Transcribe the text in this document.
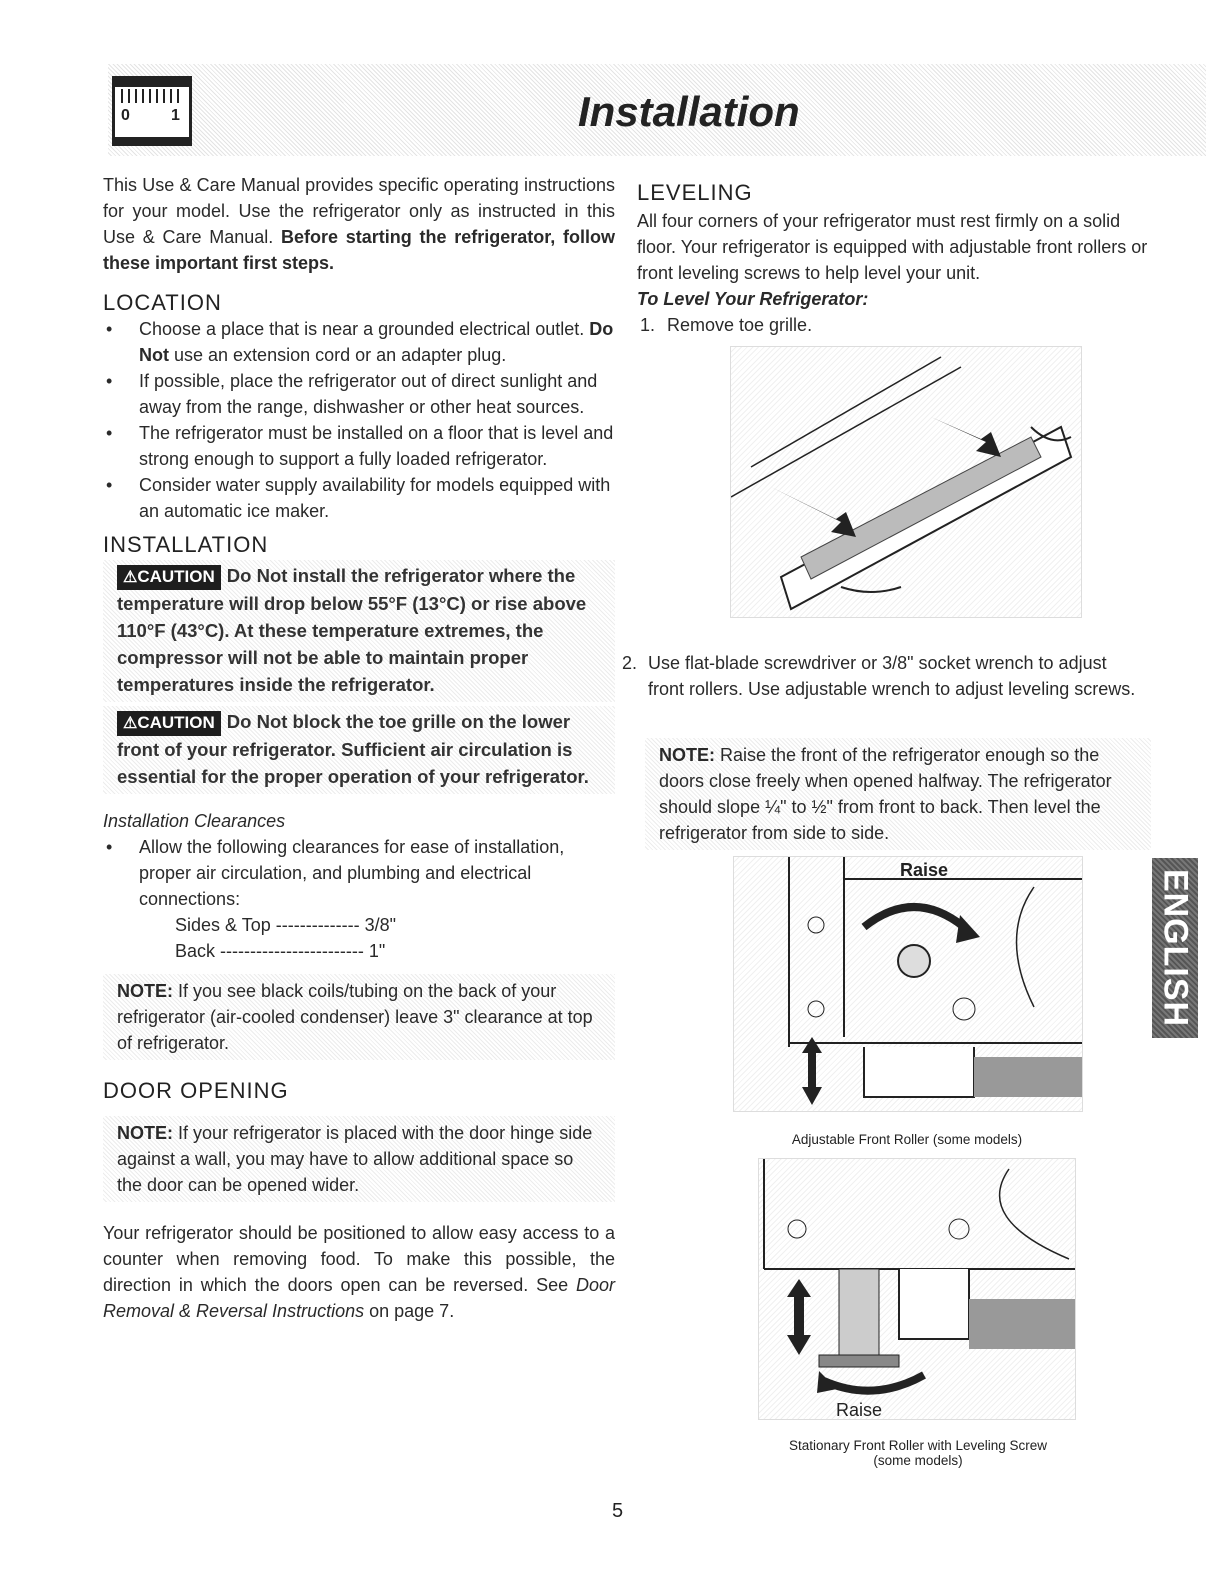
0	1	Installation

This Use & Care Manual provides specific operating instructions for your model. Use the refrigerator only as instructed in this Use & Care Manual. Before starting the refrigerator, follow these important first steps.

LOCATION
• Choose a place that is near a grounded electrical outlet. Do Not use an extension cord or an adapter plug.
• If possible, place the refrigerator out of direct sunlight and away from the range, dishwasher or other heat sources.
• The refrigerator must be installed on a floor that is level and strong enough to support a fully loaded refrigerator.
• Consider water supply availability for models equipped with an automatic ice maker.
INSTALLATION
⚠CAUTION Do Not install the refrigerator where the temperature will drop below 55°F (13°C) or rise above 110°F (43°C). At these temperature extremes, the compressor will not be able to maintain proper temperatures inside the refrigerator.
⚠CAUTION Do Not block the toe grille on the lower front of your refrigerator. Sufficient air circulation is essential for the proper operation of your refrigerator.

Installation Clearances

• Allow the following clearances for ease of installation, proper air circulation, and plumbing and electrical connections:
Sides & Top -------------- 3/8"
Back ------------------------ 1"
NOTE: If you see black coils/tubing on the back of your refrigerator (air-cooled condenser) leave 3" clearance at top of refrigerator.
DOOR OPENING
NOTE: If your refrigerator is placed with the door hinge side against a wall, you may have to allow additional space so the door can be opened wider.

Your refrigerator should be positioned to allow easy access to a counter when removing food. To make this possible, the direction in which the doors open can be reversed. See Door Removal & Reversal Instructions on page 7.

LEVELING

All four corners of your refrigerator must rest firmly on a solid floor. Your refrigerator is equipped with adjustable front rollers or front leveling screws to help level your unit.

To Level Your Refrigerator:

1. Remove toe grille.
2. Use flat-blade screwdriver or 3/8" socket wrench to adjust front rollers. Use adjustable wrench to adjust leveling screws.
NOTE: Raise the front of the refrigerator enough so the doors close freely when opened halfway. The refrigerator should slope ¼" to ½" from front to back. Then level the refrigerator from side to side.
Raise
Adjustable Front Roller (some models)
Raise
Stationary Front Roller with Leveling Screw
(some models)
ENGLISH
5
